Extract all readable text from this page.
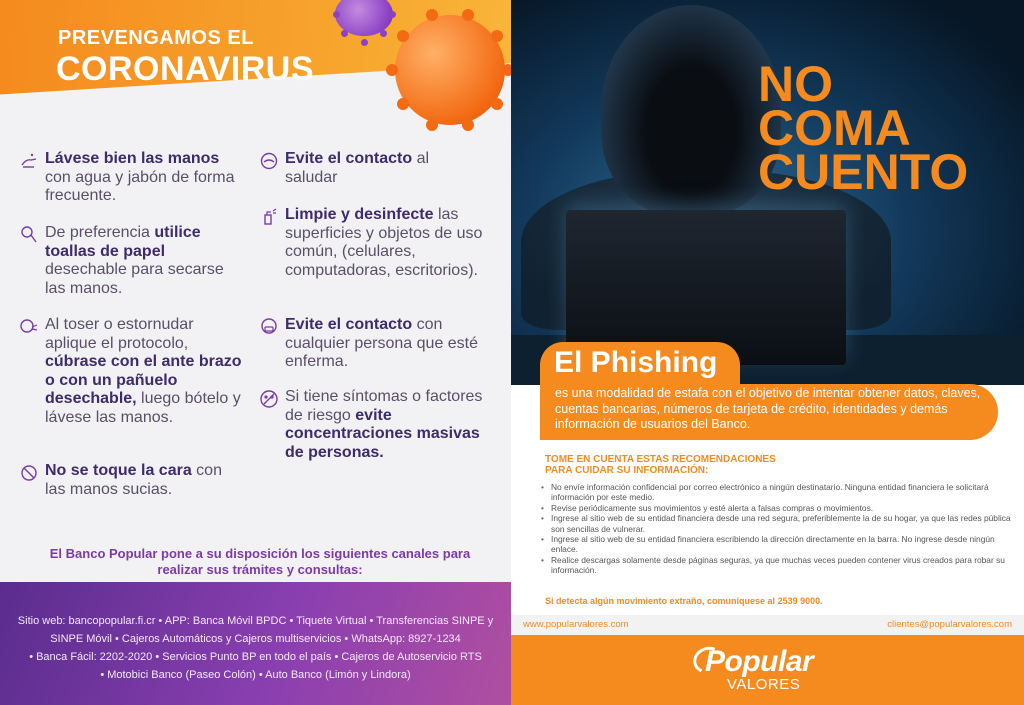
PREVENGAMOS EL
CORONAVIRUS
Lávese bien las manos con agua y jabón de forma frecuente.
De preferencia utilice toallas de papel desechable para secarse las manos.
Al toser o estornudar aplique el protocolo, cúbrase con el ante brazo o con un pañuelo desechable, luego bótelo y lávese las manos.
No se toque la cara con las manos sucias.
Evite el contacto al saludar
Limpie y desinfecte las superficies y objetos de uso común, (celulares, computadoras, escritorios).
Evite el contacto con cualquier persona que esté enferma.
Si tiene síntomas o factores de riesgo evite concentraciones masivas de personas.
El Banco Popular pone a su disposición los siguientes canales para realizar sus trámites y consultas:
Sitio web: bancopopular.fi.cr • APP: Banca Móvil BPDC • Tiquete Virtual • Transferencias SINPE y
SINPE Móvil • Cajeros Automáticos y Cajeros multiservicios • WhatsApp: 8927-1234
• Banca Fácil: 2202-2020 • Servicios Punto BP en todo el país • Cajeros de Autoservicio RTS
• Motobici Banco (Paseo Colón) • Auto Banco (Limón y Lindora)
NO
COMA
CUENTO
El Phishing
es una modalidad de estafa con el objetivo de intentar obtener datos, claves, cuentas bancarias, números de tarjeta de crédito, identidades y demás información de usuarios del Banco.
TOME EN CUENTA ESTAS RECOMENDACIONES
PARA CUIDAR SU INFORMACIÓN:
• No envíe información confidencial por correo electrónico a ningún destinatario. Ninguna entidad financiera le solicitará información por este medio.
• Revise periódicamente sus movimientos y esté alerta a falsas compras o movimientos.
• Ingrese al sitio web de su entidad financiera desde una red segura, preferiblemente la de su hogar, ya que las redes pública son sencillas de vulnerar.
• Ingrese al sitio web de su entidad financiera escribiendo la dirección directamente en la barra. No ingrese desde ningún enlace.
• Realice descargas solamente desde páginas seguras, ya que muchas veces pueden contener virus creados para robar su información.
Si detecta algún movimiento extraño, comuníquese al 2539 9000.
www.popularvalores.com	clientes@popularvalores.com
Popular
VALORES
